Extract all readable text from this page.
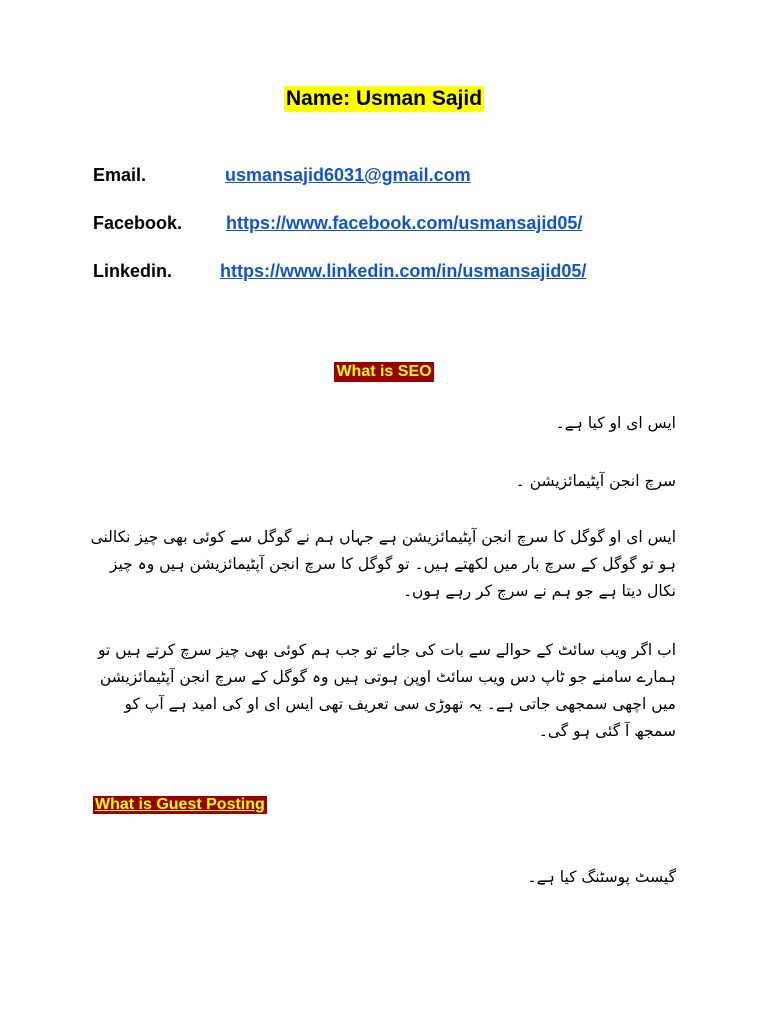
Name: Usman Sajid
Email.	usmansajid6031@gmail.com
Facebook. https://www.facebook.com/usmansajid05/
Linkedin.	https://www.linkedin.com/in/usmansajid05/
What is SEO
ایس ای او کیا ہے۔
سرچ انجن آپٹیمائزیشن ۔
ایس ای او گوگل کا سرچ انجن آپٹیمائزیشن ہے جہاں ہم نے گوگل سے کوئی بھی چیز نکالنی ہو تو گوگل کے سرچ بار میں لکھتے ہیں۔ تو گوگل کا سرچ انجن آپٹیمائزیشن ہیں وہ چیز نکال دیتا ہے جو ہم نے سرچ کر رہے ہوں۔
اب اگر ویب سائٹ کے حوالے سے بات کی جائے تو جب ہم کوئی بھی چیز سرچ کرتے ہیں تو ہمارے سامنے جو ٹاپ دس ویب سائٹ اوپن ہوتی ہیں وہ گوگل کے سرچ انجن آپٹیمائزیشن میں اچھی سمجھی جاتی ہے۔ یہ تھوڑی سی تعریف تھی ایس ای او کی امید ہے آپ کو سمجھ آ گئی ہو گی۔
What is Guest Posting
گیسٹ پوسٹنگ کیا ہے۔
